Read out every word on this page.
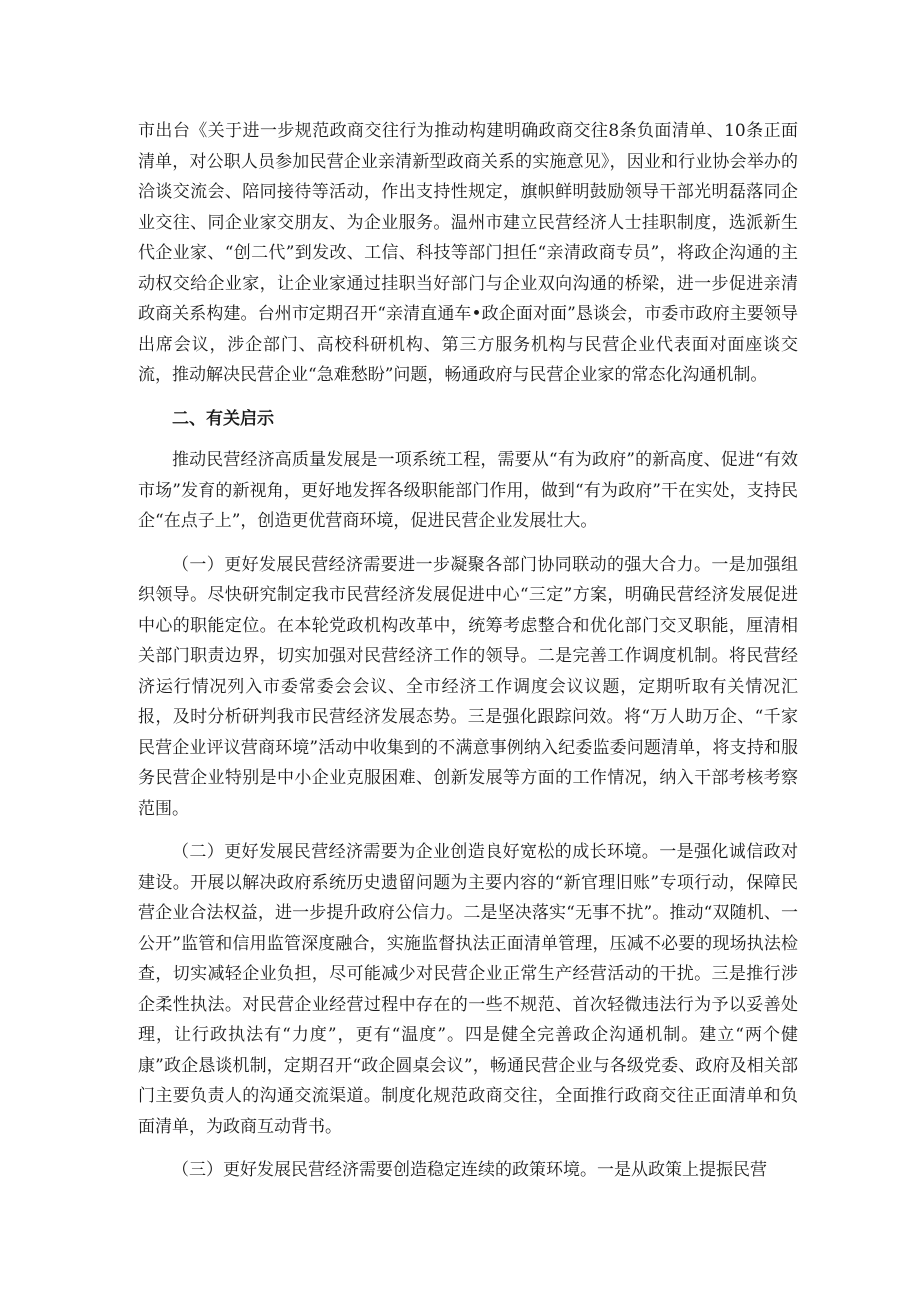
市出台《关于进一步规范政商交往行为推动构建明确政商交往8条负面清单、10条正面清单，对公职人员参加民营企业亲清新型政商关系的实施意见》，因业和行业协会举办的洽谈交流会、陪同接待等活动，作出支持性规定，旗帜鲜明鼓励领导干部光明磊落同企业交往、同企业家交朋友、为企业服务。温州市建立民营经济人士挂职制度，选派新生代企业家、“创二代”到发改、工信、科技等部门担任“亲清政商专员”，将政企沟通的主动权交给企业家，让企业家通过挂职当好部门与企业双向沟通的桥梁，进一步促进亲清政商关系构建。台州市定期召开“亲清直通车•政企面对面”恳谈会，市委市政府主要领导出席会议，涉企部门、高校科研机构、第三方服务机构与民营企业代表面对面座谈交流，推动解决民营企业“急难愁盼”问题，畅通政府与民营企业家的常态化沟通机制。

二、有关启示

推动民营经济高质量发展是一项系统工程，需要从“有为政府”的新高度、促进“有效市场”发育的新视角，更好地发挥各级职能部门作用，做到“有为政府”干在实处，支持民企“在点子上”，创造更优营商环境，促进民营企业发展壮大。

（一）更好发展民营经济需要进一步凝聚各部门协同联动的强大合力。一是加强组织领导。尽快研究制定我市民营经济发展促进中心“三定”方案，明确民营经济发展促进中心的职能定位。在本轮党政机构改革中，统筹考虑整合和优化部门交叉职能，厘清相关部门职责边界，切实加强对民营经济工作的领导。二是完善工作调度机制。将民营经济运行情况列入市委常委会会议、全市经济工作调度会议议题，定期听取有关情况汇报，及时分析研判我市民营经济发展态势。三是强化跟踪问效。将“万人助万企、“千家民营企业评议营商环境”活动中收集到的不满意事例纳入纪委监委问题清单，将支持和服务民营企业特别是中小企业克服困难、创新发展等方面的工作情况，纳入干部考核考察范围。

（二）更好发展民营经济需要为企业创造良好宽松的成长环境。一是强化诚信政对建设。开展以解决政府系统历史遗留问题为主要内容的“新官理旧账”专项行动，保障民营企业合法权益，进一步提升政府公信力。二是坚决落实“无事不扰”。推动“双随机、一公开”监管和信用监管深度融合，实施监督执法正面清单管理，压减不必要的现场执法检查，切实减轻企业负担，尽可能减少对民营企业正常生产经营活动的干扰。三是推行涉企柔性执法。对民营企业经营过程中存在的一些不规范、首次轻微违法行为予以妥善处理，让行政执法有“力度”，更有“温度”。四是健全完善政企沟通机制。建立“两个健康”政企恳谈机制，定期召开“政企圆桌会议”，畅通民营企业与各级党委、政府及相关部门主要负责人的沟通交流渠道。制度化规范政商交往，全面推行政商交往正面清单和负面清单，为政商互动背书。

（三）更好发展民营经济需要创造稳定连续的政策环境。一是从政策上提振民营
